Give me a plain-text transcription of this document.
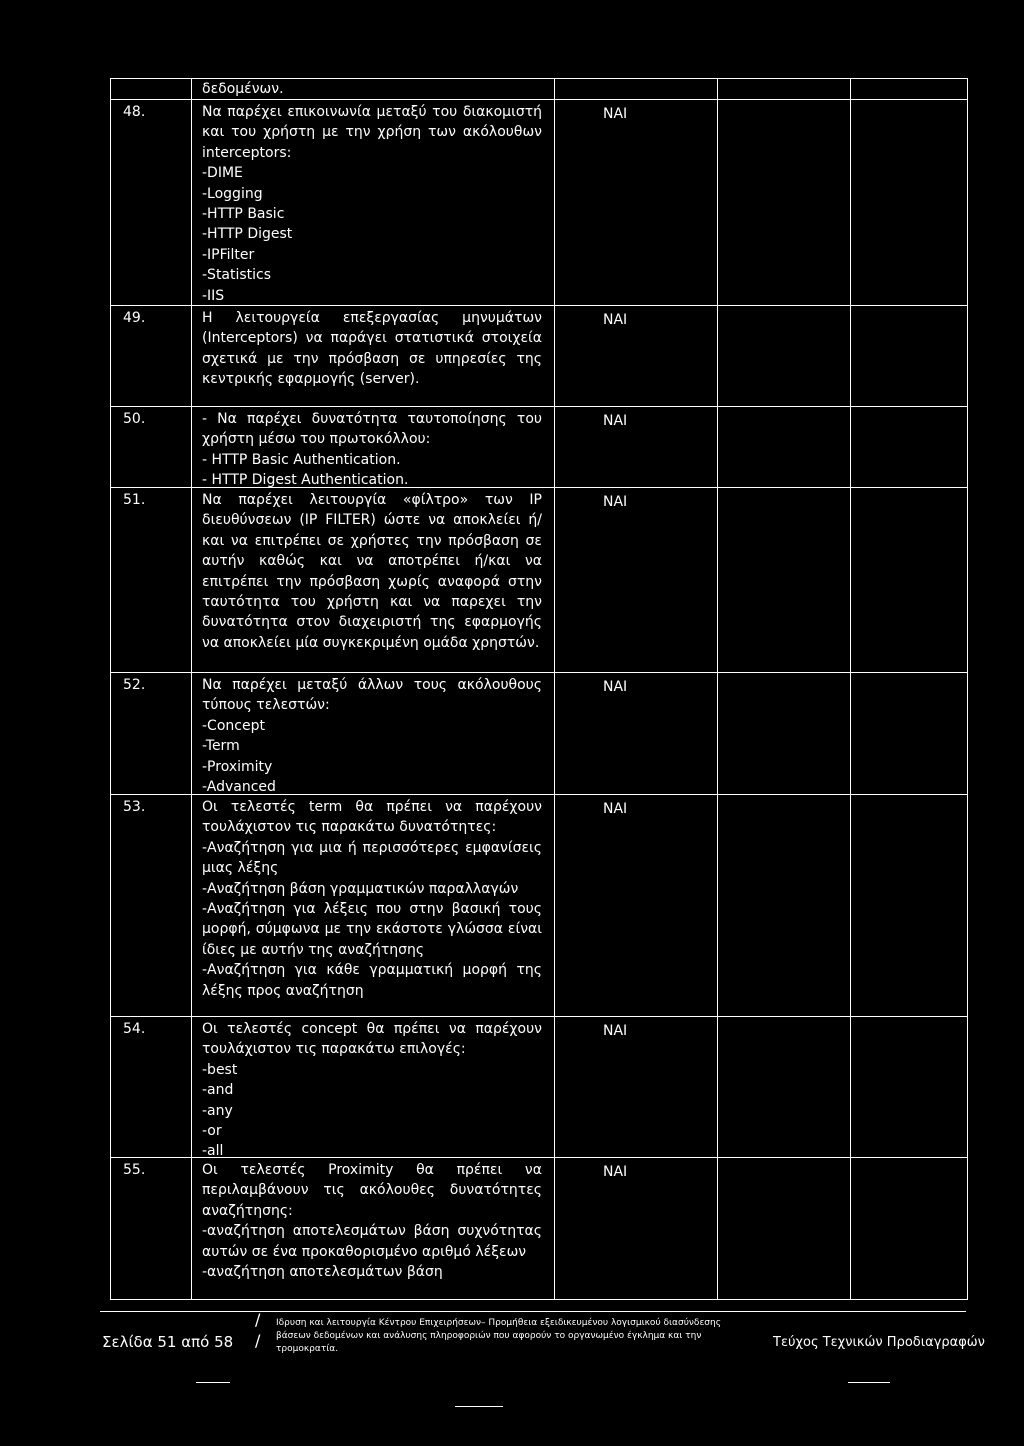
δεδομένων.
48.	Να παρέχει επικοινωνία μεταξύ του διακομιστή και του χρήστη με την χρήση των ακόλουθων interceptors:
-DIME
-Logging
-HTTP Basic
-HTTP Digest
-IPFilter
-Statistics
-IIS
ΝΑΙ
49.	Η λειτουργεία επεξεργασίας μηνυμάτων (Interceptors) να παράγει στατιστικά στοιχεία σχετικά με την πρόσβαση σε υπηρεσίες της κεντρικής εφαρμογής (server).
ΝΑΙ
50.	- Να παρέχει δυνατότητα ταυτοποίησης του χρήστη μέσω του πρωτοκόλλου:
- HTTP Basic Authentication.
- HTTP Digest Authentication.
ΝΑΙ
51.	Να παρέχει λειτουργία «φίλτρο» των IP διευθύνσεων (IP FILTER) ώστε να αποκλείει ή/και να επιτρέπει σε χρήστες την πρόσβαση σε αυτήν καθώς και να αποτρέπει ή/και να επιτρέπει την πρόσβαση χωρίς αναφορά στην ταυτότητα του χρήστη και να παρεχει την δυνατότητα στον διαχειριστή της εφαρμογής να αποκλείει μία συγκεκριμένη ομάδα χρηστών.
ΝΑΙ
52.	Να παρέχει μεταξύ άλλων τους ακόλουθους τύπους τελεστών:
-Concept
-Term
-Proximity
-Advanced
ΝΑΙ
53.	Οι τελεστές term θα πρέπει να παρέχουν τουλάχιστον τις παρακάτω δυνατότητες:
-Αναζήτηση για μια ή περισσότερες εμφανίσεις μιας λέξης
-Αναζήτηση βάση γραμματικών παραλλαγών
-Αναζήτηση για λέξεις που στην βασική τους μορφή, σύμφωνα με την εκάστοτε γλώσσα είναι ίδιες με αυτήν της αναζήτησης
-Αναζήτηση για κάθε γραμματική μορφή της λέξης προς αναζήτηση
ΝΑΙ
54.	Οι τελεστές concept θα πρέπει να παρέχουν τουλάχιστον τις παρακάτω επιλογές:
-best
-and
-any
-or
-all
ΝΑΙ
55.	Οι τελεστές Proximity θα πρέπει να περιλαμβάνουν τις ακόλουθες δυνατότητες αναζήτησης:
-αναζήτηση αποτελεσμάτων βάση συχνότητας αυτών σε ένα προκαθορισμένο αριθμό λέξεων
-αναζήτηση αποτελεσμάτων βάση
ΝΑΙ
/
Σελίδα 51 από 58 /
Ιδρυση και λειτουργία Κέντρου Επιχειρήσεων– Προμήθεια εξειδικευμένου λογισμικού διασύνδεσης βάσεων δεδομένων και ανάλυσης πληροφοριών που αφορούν το οργανωμένο έγκλημα και την τρομοκρατία.	Τεύχος Τεχνικών Προδιαγραφών
